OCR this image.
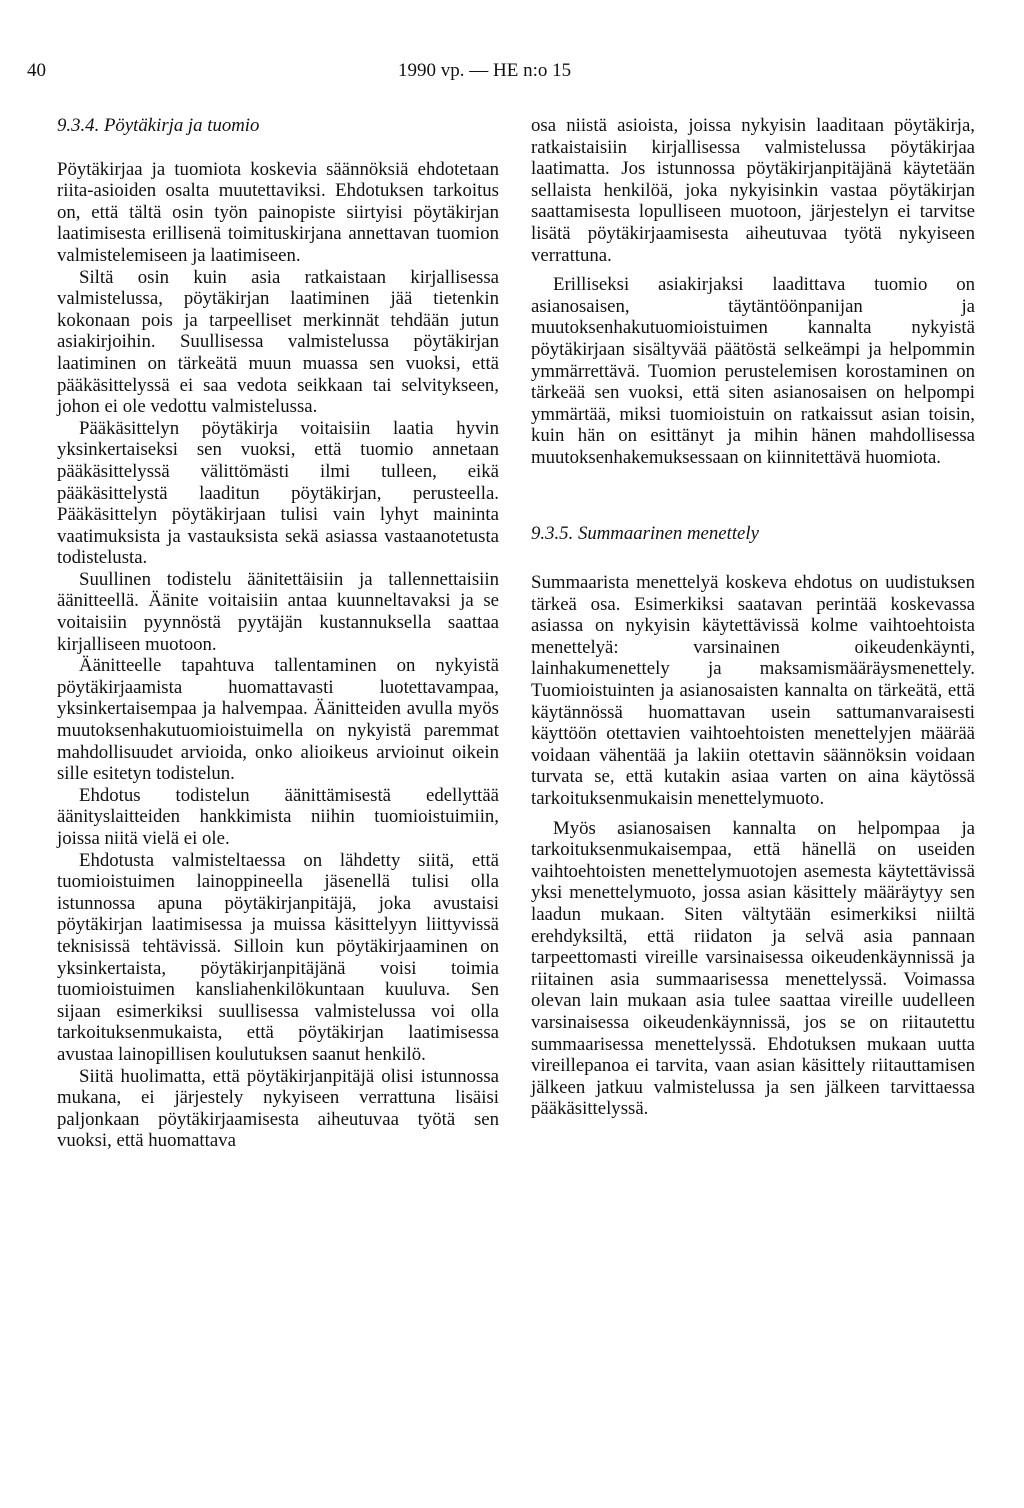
40	1990 vp. — HE n:o 15

9.3.4. Pöytäkirja ja tuomio

Pöytäkirjaa ja tuomiota koskevia säännöksiä ehdotetaan riita-asioiden osalta muutettaviksi. Ehdotuksen tarkoitus on, että tältä osin työn painopiste siirtyisi pöytäkirjan laatimisesta erillisenä toimituskirjana annettavan tuomion valmistelemiseen ja laatimiseen.

Siltä osin kuin asia ratkaistaan kirjallisessa valmistelussa, pöytäkirjan laatiminen jää tietenkin kokonaan pois ja tarpeelliset merkinnät tehdään jutun asiakirjoihin. Suullisessa valmistelussa pöytäkirjan laatiminen on tärkeätä muun muassa sen vuoksi, että pääkäsittelyssä ei saa vedota seikkaan tai selvitykseen, johon ei ole vedottu valmistelussa.

Pääkäsittelyn pöytäkirja voitaisiin laatia hyvin yksinkertaiseksi sen vuoksi, että tuomio annetaan pääkäsittelyssä välittömästi ilmi tulleen, eikä pääkäsittelystä laaditun pöytäkirjan, perusteella. Pääkäsittelyn pöytäkirjaan tulisi vain lyhyt maininta vaatimuksista ja vastauksista sekä asiassa vastaanotetusta todistelusta.

Suullinen todistelu äänitettäisiin ja tallennettaisiin äänitteellä. Äänite voitaisiin antaa kuunneltavaksi ja se voitaisiin pyynnöstä pyytäjän kustannuksella saattaa kirjalliseen muotoon.

Äänitteelle tapahtuva tallentaminen on nykyistä pöytäkirjaamista huomattavasti luotettavampaa, yksinkertaisempaa ja halvempaa. Äänitteiden avulla myös muutoksenhakutuomioistuimella on nykyistä paremmat mahdollisuudet arvioida, onko alioikeus arvioinut oikein sille esitetyn todistelun.

Ehdotus todistelun äänittämisestä edellyttää äänityslaitteiden hankkimista niihin tuomioistuimiin, joissa niitä vielä ei ole.

Ehdotusta valmisteltaessa on lähdetty siitä, että tuomioistuimen lainoppineella jäsenellä tulisi olla istunnossa apuna pöytäkirjanpitäjä, joka avustaisi pöytäkirjan laatimisessa ja muissa käsittelyyn liittyvissä teknisissä tehtävissä. Silloin kun pöytäkirjaaminen on yksinkertaista, pöytäkirjanpitäjänä voisi toimia tuomioistuimen kansliahenkilökuntaan kuuluva. Sen sijaan esimerkiksi suullisessa valmistelussa voi olla tarkoituksenmukaista, että pöytäkirjan laatimisessa avustaa lainopillisen koulutuksen saanut henkilö.

Siitä huolimatta, että pöytäkirjanpitäjä olisi istunnossa mukana, ei järjestely nykyiseen verrattuna lisäisi paljonkaan pöytäkirjaamisesta aiheutuvaa työtä sen vuoksi, että huomattava

osa niistä asioista, joissa nykyisin laaditaan pöytäkirja, ratkaistaisiin kirjallisessa valmistelussa pöytäkirjaa laatimatta. Jos istunnossa pöytäkirjanpitäjänä käytetään sellaista henkilöä, joka nykyisinkin vastaa pöytäkirjan saattamisesta lopulliseen muotoon, järjestelyn ei tarvitse lisätä pöytäkirjaamisesta aiheutuvaa työtä nykyiseen verrattuna.

Erilliseksi asiakirjaksi laadittava tuomio on asianosaisen, täytäntöönpanijan ja muutoksenhakutuomioistuimen kannalta nykyistä pöytäkirjaan sisältyvää päätöstä selkeämpi ja helpommin ymmärrettävä. Tuomion perustelemisen korostaminen on tärkeää sen vuoksi, että siten asianosaisen on helpompi ymmärtää, miksi tuomioistuin on ratkaissut asian toisin, kuin hän on esittänyt ja mihin hänen mahdollisessa muutoksenhakemuksessaan on kiinnitettävä huomiota.

9.3.5. Summaarinen menettely

Summaarista menettelyä koskeva ehdotus on uudistuksen tärkeä osa. Esimerkiksi saatavan perintää koskevassa asiassa on nykyisin käytettävissä kolme vaihtoehtoista menettelyä: varsinainen oikeudenkäynti, lainhakumenettely ja maksamismääräysmenettely. Tuomioistuinten ja asianosaisten kannalta on tärkeätä, että käytännössä huomattavan usein sattumanvaraisesti käyttöön otettavien vaihtoehtoisten menettelyjen määrää voidaan vähentää ja lakiin otettavin säännöksin voidaan turvata se, että kutakin asiaa varten on aina käytössä tarkoituksenmukaisin menettelymuoto.

Myös asianosaisen kannalta on helpompaa ja tarkoituksenmukaisempaa, että hänellä on useiden vaihtoehtoisten menettelymuotojen asemesta käytettävissä yksi menettelymuoto, jossa asian käsittely määräytyy sen laadun mukaan. Siten vältytään esimerkiksi niiltä erehdyksiltä, että riidaton ja selvä asia pannaan tarpeettomasti vireille varsinaisessa oikeudenkäynnissä ja riitainen asia summaarisessa menettelyssä. Voimassa olevan lain mukaan asia tulee saattaa vireille uudelleen varsinaisessa oikeudenkäynnissä, jos se on riitautettu summaarisessa menettelyssä. Ehdotuksen mukaan uutta vireillepanoa ei tarvita, vaan asian käsittely riitauttamisen jälkeen jatkuu valmistelussa ja sen jälkeen tarvittaessa pääkäsittelyssä.
